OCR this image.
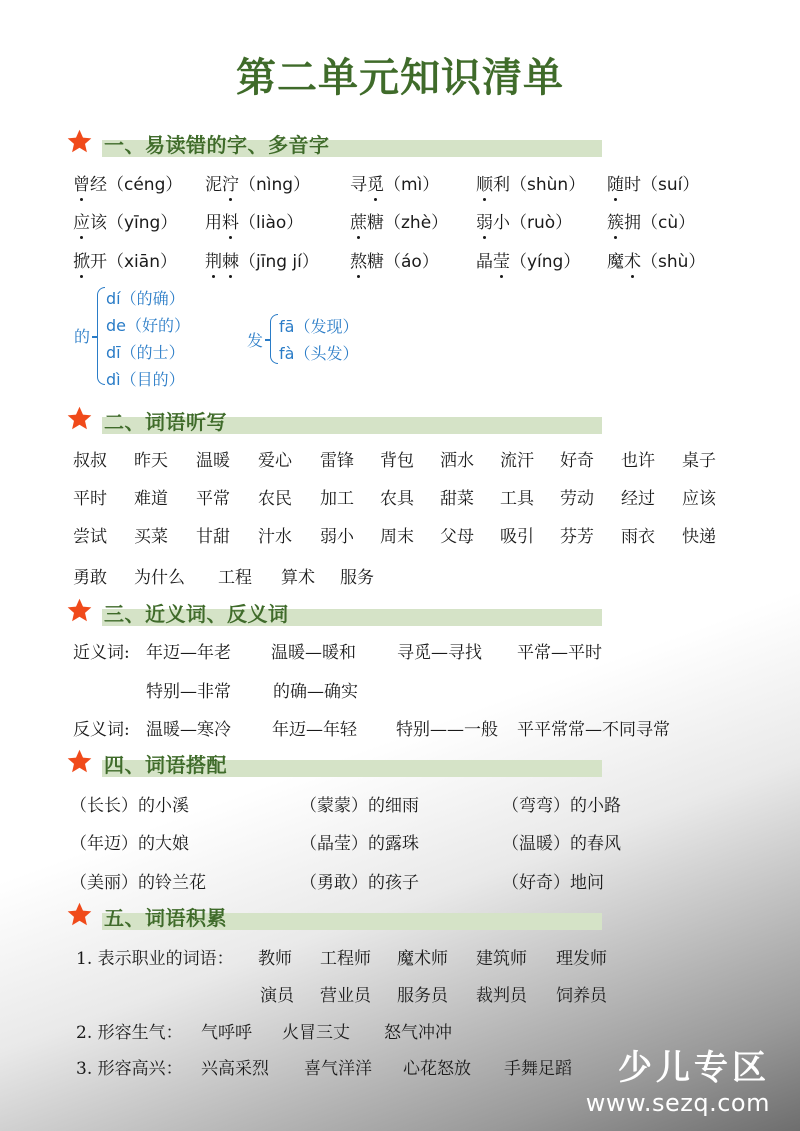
第二单元知识清单
一、易读错的字、多音字
二、词语听写
三、近义词、反义词
四、词语搭配
五、词语积累
曾经（céng） 泥泞（nìng） 寻觅（mì） 顺利（shùn） 随时（suí）
应该（yīng） 用料（liào）	蔗糖（zhè） 弱小（ruò） 簇拥（cù）
掀开（xiān） 荆棘（jīng jí） 熬糖（áo） 晶莹（yíng） 魔术（shù）
的
dí（的确）
de（好的）
dī（的士）
dì（目的）
发
fā（发现）
fà（头发）
叔叔 昨天 温暖 爱心 雷锋 背包 洒水 流汗 好奇 也许 桌子
平时 难道 平常 农民 加工 农具 甜菜 工具 劳动 经过 应该
尝试 买菜 甘甜 汁水 弱小 周末 父母 吸引 芬芳 雨衣 快递
勇敢 为什么 工程 算术 服务
近义词: 年迈—年老 温暖—暖和 寻觅—寻找 平常—平时
特别—非常 的确—确实
反义词: 温暖—寒冷 年迈—年轻 特别——一般 平平常常—不同寻常
（长长）的小溪	（蒙蒙）的细雨	（弯弯）的小路
（年迈）的大娘	（晶莹）的露珠	（温暖）的春风
（美丽）的铃兰花	（勇敢）的孩子	（好奇）地问
1. 表示职业的词语： 教师 工程师 魔术师 建筑师 理发师
演员 营业员 服务员 裁判员 饲养员
2. 形容生气： 气呼呼 火冒三丈 怒气冲冲
3. 形容高兴： 兴高采烈 喜气洋洋 心花怒放 手舞足蹈	少儿专区
www.sezq.com
